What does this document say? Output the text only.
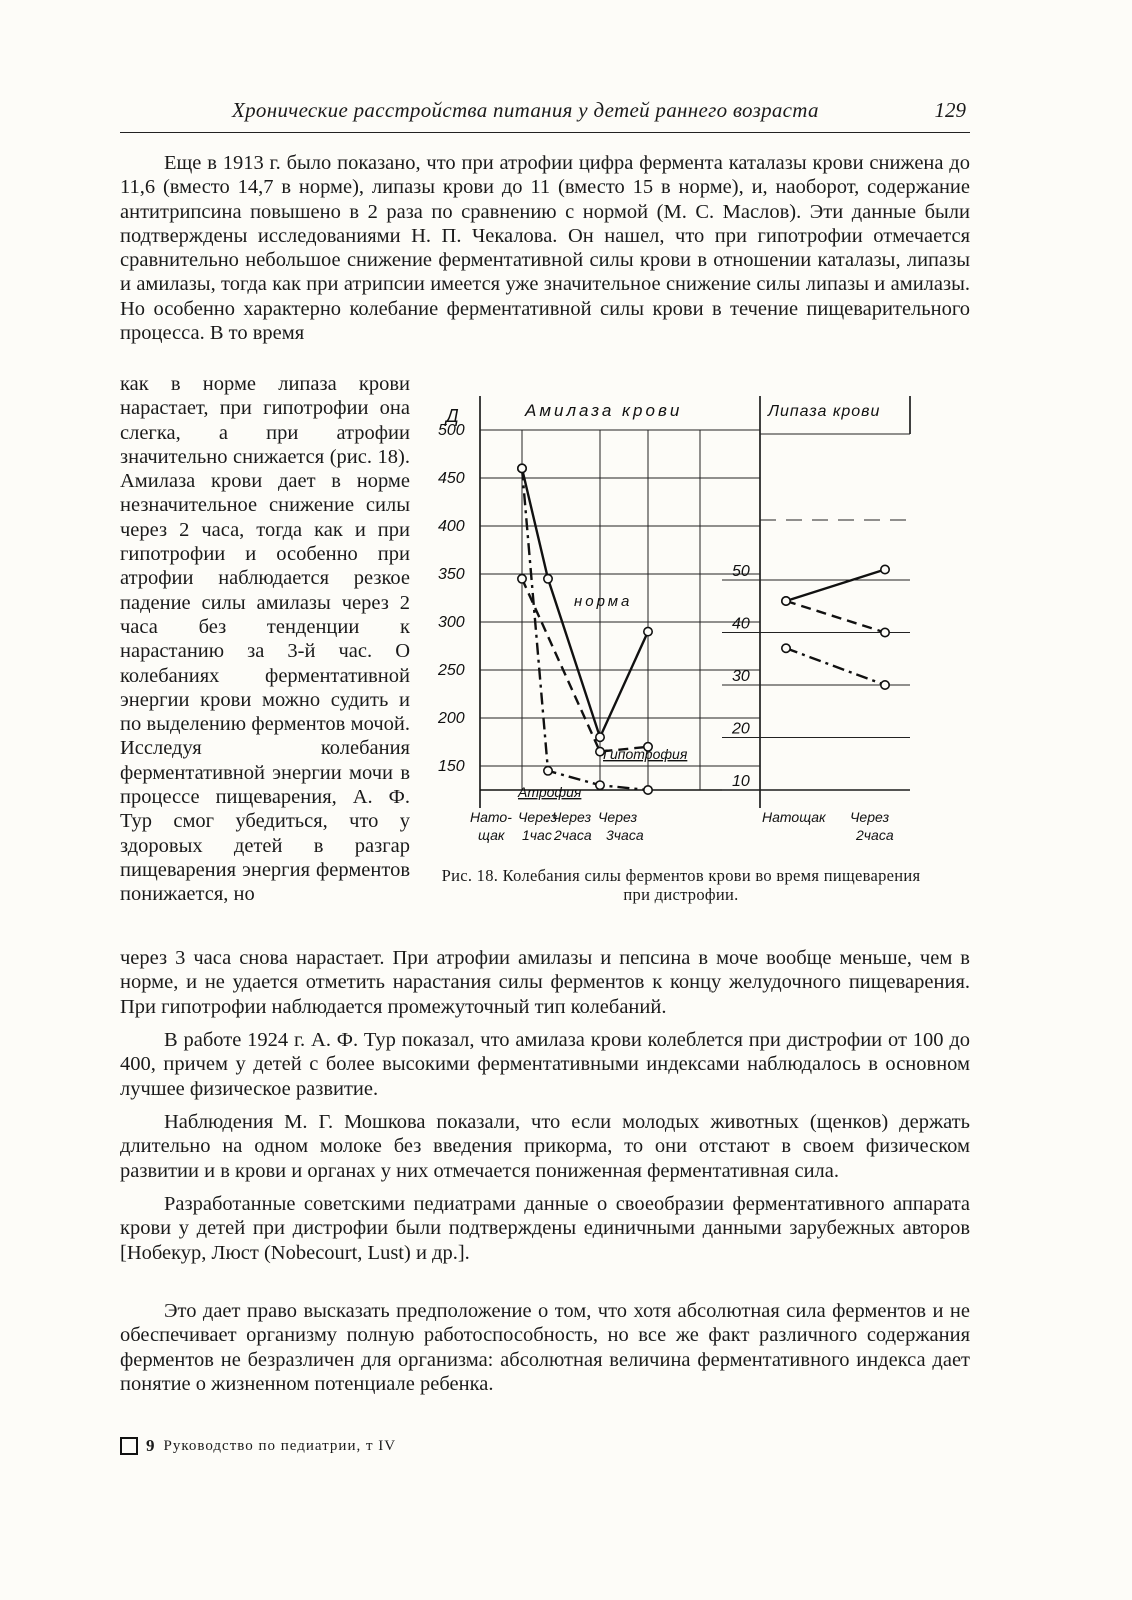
Хронические расстройства питания у детей раннего возраста	129

Еще в 1913 г. было показано, что при атрофии цифра фермента каталазы крови снижена до 11,6 (вместо 14,7 в норме), липазы крови до 11 (вместо 15 в норме), и, наоборот, содержание антитрипсина повышено в 2 раза по сравнению с нормой (М. С. Маслов). Эти данные были подтверждены исследованиями Н. П. Чекалова. Он нашел, что при гипотрофии отмечается сравнительно небольшое снижение ферментативной силы крови в отношении каталазы, липазы и амилазы, тогда как при атрипсии имеется уже значительное снижение силы липазы и амилазы. Но особенно характерно колебание ферментативной силы крови в течение пищеварительного процесса. В то время

как в норме липаза крови нарастает, при гипотрофии она слегка, а при атрофии значительно снижается (рис. 18). Амилаза крови дает в норме незначительное снижение силы через 2 часа, тогда как и при гипотрофии и особенно при атрофии наблюдается резкое падение силы амилазы через 2 часа без тенденции к нарастанию за 3-й час. О колебаниях ферментативной энергии крови можно судить и по выделению ферментов мочой. Исследуя колебания ферментативной энергии мочи в процессе пищеварения, А. Ф. Тур смог убедиться, что у здоровых детей в разгар пищеварения энергия ферментов понижается, но

500
450
400
350
300
250
200
150
Д	Амилаза крови
норма
Гипотрофия
Атрофия
Нато- Через
Через Через
щак 1час 2часа 3часа
50
40
30
20
10
Липаза крови
Натощак Через
2часа
Рис. 18. Колебания силы ферментов крови во время пищеварения при дистрофии.

через 3 часа снова нарастает. При атрофии амилазы и пепсина в моче вообще меньше, чем в норме, и не удается отметить нарастания силы ферментов к концу желудочного пищеварения. При гипотрофии наблюдается промежуточный тип колебаний.

В работе 1924 г. А. Ф. Тур показал, что амилаза крови колеблется при дистрофии от 100 до 400, причем у детей с более высокими ферментативными индексами наблюдалось в основном лучшее физическое развитие.

Наблюдения М. Г. Мошкова показали, что если молодых животных (щенков) держать длительно на одном молоке без введения прикорма, то они отстают в своем физическом развитии и в крови и органах у них отмечается пониженная ферментативная сила.

Разработанные советскими педиатрами данные о своеобразии ферментативного аппарата крови у детей при дистрофии были подтверждены единичными данными зарубежных авторов [Нобекур, Люст (Nobecourt, Lust) и др.].

Это дает право высказать предположение о том, что хотя абсолютная сила ферментов и не обеспечивает организму полную работоспособность, но все же факт различного содержания ферментов не безразличен для организма: абсолютная величина ферментативного индекса дает понятие о жизненном потенциале ребенка.

9 Руководство по педиатрии, т IV
